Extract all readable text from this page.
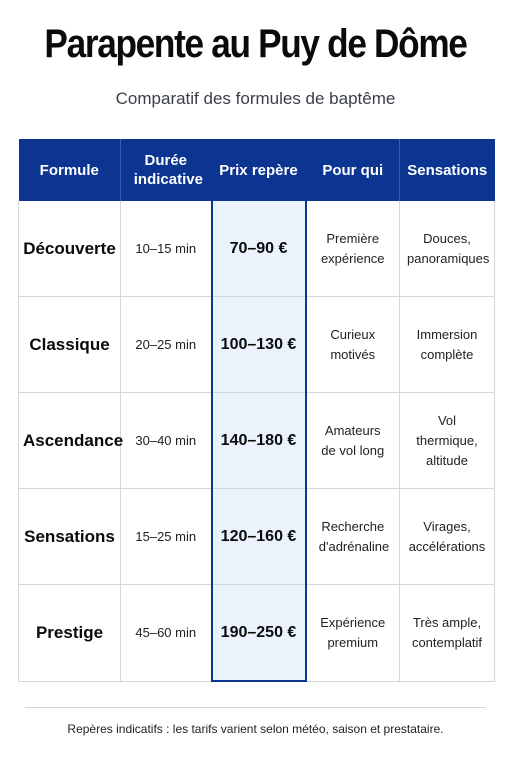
Parapente au Puy de Dôme
Comparatif des formules de baptême
Formule	Durée indicative	Prix repère	Pour qui	Sensations
Découverte	10–15 min	70–90 €	Première expérience	Douces, panoramiques
Classique	20–25 min	100–130 €	Curieux motivés	Immersion complète
Ascendance	30–40 min	140–180 €	Amateurs de vol long	Vol thermique, altitude
Sensations	15–25 min	120–160 €	Recherche d'adrénaline	Virages, accélérations
Prestige	45–60 min	190–250 €	Expérience premium	Très ample, contemplatif
Repères indicatifs : les tarifs varient selon météo, saison et prestataire.
